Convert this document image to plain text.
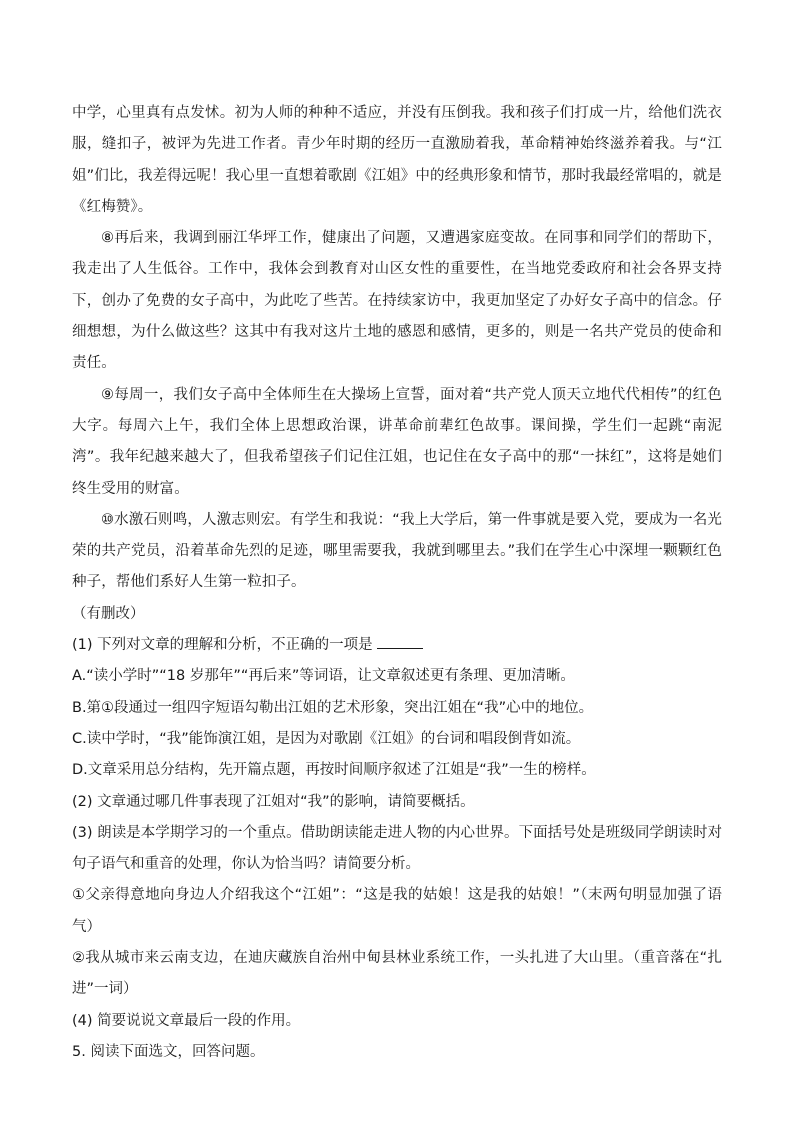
中学，心里真有点发怵。初为人师的种种不适应，并没有压倒我。我和孩子们打成一片，给他们洗衣服，缝扣子，被评为先进工作者。青少年时期的经历一直激励着我，革命精神始终滋养着我。与“江姐”们比，我差得远呢！我心里一直想着歌剧《江姐》中的经典形象和情节，那时我最经常唱的，就是《红梅赞》。

⑧再后来，我调到丽江华坪工作，健康出了问题，又遭遇家庭变故。在同事和同学们的帮助下，我走出了人生低谷。工作中，我体会到教育对山区女性的重要性，在当地党委政府和社会各界支持下，创办了免费的女子高中，为此吃了些苦。在持续家访中，我更加坚定了办好女子高中的信念。仔细想想，为什么做这些？这其中有我对这片土地的感恩和感情，更多的，则是一名共产党员的使命和责任。

⑨每周一，我们女子高中全体师生在大操场上宣誓，面对着“共产党人顶天立地代代相传”的红色大字。每周六上午，我们全体上思想政治课，讲革命前辈红色故事。课间操，学生们一起跳“南泥湾”。我年纪越来越大了，但我希望孩子们记住江姐，也记住在女子高中的那“一抹红”，这将是她们终生受用的财富。

⑩水激石则鸣，人激志则宏。有学生和我说：“我上大学后，第一件事就是要入党，要成为一名光荣的共产党员，沿着革命先烈的足迹，哪里需要我，我就到哪里去。”我们在学生心中深埋一颗颗红色种子，帮他们系好人生第一粒扣子。

（有删改）

(1) 下列对文章的理解和分析，不正确的一项是

A.“读小学时”“18 岁那年”“再后来”等词语，让文章叙述更有条理、更加清晰。

B.第①段通过一组四字短语勾勒出江姐的艺术形象，突出江姐在“我”心中的地位。

C.读中学时，“我”能饰演江姐，是因为对歌剧《江姐》的台词和唱段倒背如流。

D.文章采用总分结构，先开篇点题，再按时间顺序叙述了江姐是“我”一生的榜样。

(2) 文章通过哪几件事表现了江姐对“我”的影响，请简要概括。

(3) 朗读是本学期学习的一个重点。借助朗读能走进人物的内心世界。下面括号处是班级同学朗读时对句子语气和重音的处理，你认为恰当吗？请简要分析。

①父亲得意地向身边人介绍我这个“江姐”：“这是我的姑娘！这是我的姑娘！”（末两句明显加强了语气）

②我从城市来云南支边，在迪庆藏族自治州中甸县林业系统工作，一头扎进了大山里。（重音落在“扎进”一词）

(4) 简要说说文章最后一段的作用。

5. 阅读下面选文，回答问题。
